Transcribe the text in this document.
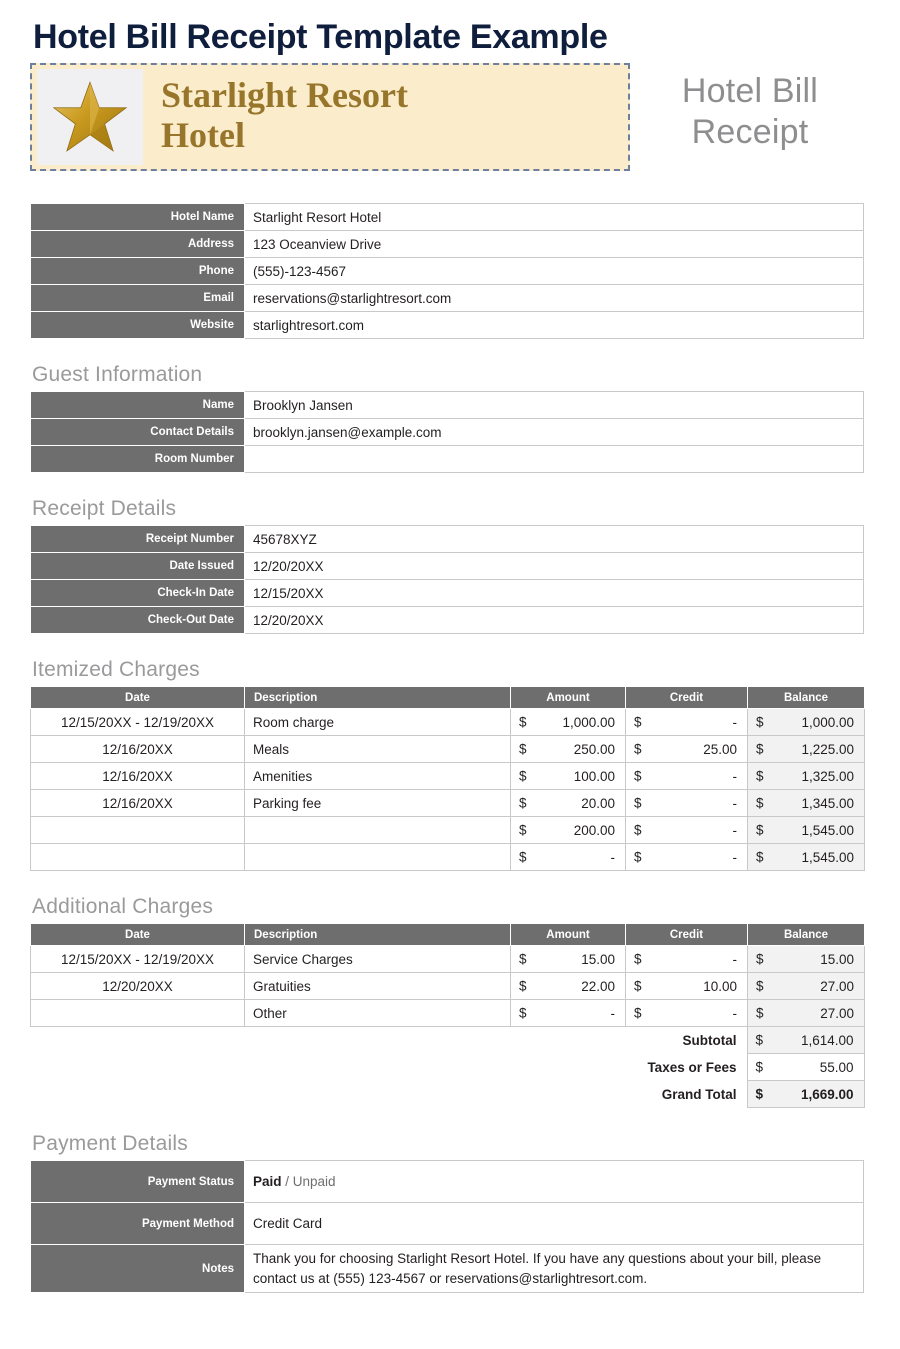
Hotel Bill Receipt Template Example
Starlight Resort
Hotel
Hotel Bill
Receipt
Hotel Name	Starlight Resort Hotel
Address	123 Oceanview Drive
Phone	(555)-123-4567
Email	reservations@starlightresort.com
Website	starlightresort.com
Guest Information
Name	Brooklyn Jansen
Contact Details	brooklyn.jansen@example.com
Room Number	
Receipt Details
Receipt Number	45678XYZ
Date Issued	12/20/20XX
Check-In Date	12/15/20XX
Check-Out Date	12/20/20XX
Itemized Charges
Date	Description	Amount	Credit	Balance
12/15/20XX - 12/19/20XX	Room charge	$ 1,000.00	$ -	$ 1,000.00
12/16/20XX	Meals	$ 250.00	$ 25.00	$ 1,225.00
12/16/20XX	Amenities	$ 100.00	$ -	$ 1,325.00
12/16/20XX	Parking fee	$ 20.00	$ -	$ 1,345.00

		$ 200.00	$ -	$ 1,545.00

		$ -	$ -	$ 1,545.00
Additional Charges
Date	Description	Amount	Credit	Balance
12/15/20XX - 12/19/20XX	Service Charges	$ 15.00	$ -	$ 15.00
12/20/20XX	Gratuities	$ 22.00	$ 10.00	$ 27.00
	Other	$ -	$ -	$ 27.00
			Subtotal	$ 1,614.00
			Taxes or Fees	$ 55.00
			Grand Total	$ 1,669.00
Payment Details
Payment Status	Paid / Unpaid
Payment Method	Credit Card
Notes	Thank you for choosing Starlight Resort Hotel. If you have any questions about your bill, please contact us at (555) 123-4567 or reservations@starlightresort.com.
